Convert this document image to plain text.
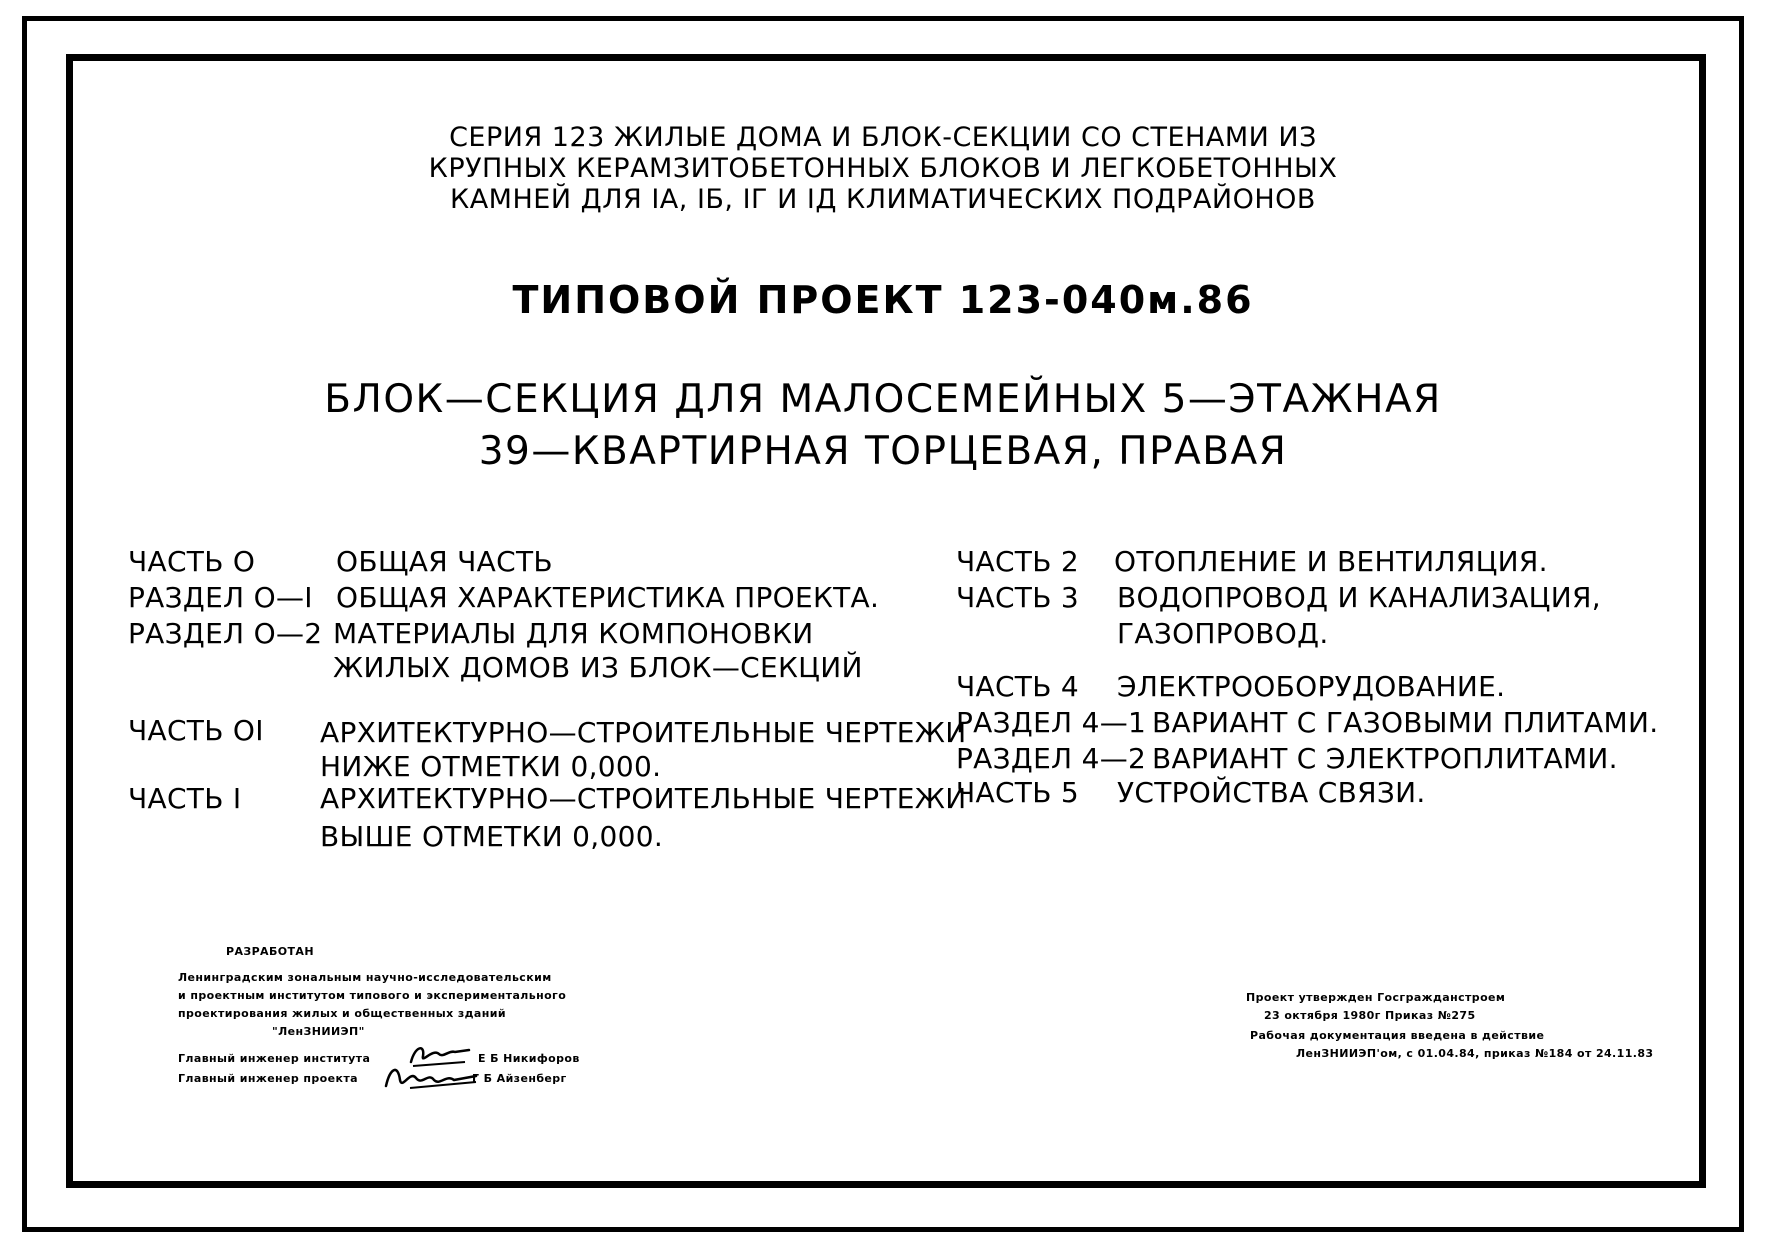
СЕРИЯ 123 ЖИЛЫЕ ДОМА И БЛОК-СЕКЦИИ СО СТЕНАМИ ИЗ
КРУПНЫХ КЕРАМЗИТОБЕТОННЫХ БЛОКОВ И ЛЕГКОБЕТОННЫХ
КАМНЕЙ ДЛЯ IА, IБ, IГ И IД КЛИМАТИЧЕСКИХ ПОДРАЙОНОВ
ТИПОВОЙ ПРОЕКТ 123-040м.86
БЛОК—СЕКЦИЯ ДЛЯ МАЛОСЕМЕЙНЫХ 5—ЭТАЖНАЯ
39—КВАРТИРНАЯ ТОРЦЕВАЯ, ПРАВАЯ
ЧАСТЬ О	ОБЩАЯ ЧАСТЬ
РАЗДЕЛ О—I ОБЩАЯ ХАРАКТЕРИСТИКА ПРОЕКТА.
РАЗДЕЛ О—2 МАТЕРИАЛЫ ДЛЯ КОМПОНОВКИ
ЖИЛЫХ ДОМОВ ИЗ БЛОК—СЕКЦИЙ
ЧАСТЬ OI АРХИТЕКТУРНО—СТРОИТЕЛЬНЫЕ ЧЕРТЕЖИ
НИЖЕ ОТМЕТКИ 0,000.
ЧАСТЬ I	АРХИТЕКТУРНО—СТРОИТЕЛЬНЫЕ ЧЕРТЕЖИ
ВЫШЕ ОТМЕТКИ 0,000.
ЧАСТЬ 2 ОТОПЛЕНИЕ И ВЕНТИЛЯЦИЯ.
ЧАСТЬ 3 ВОДОПРОВОД И КАНАЛИЗАЦИЯ,
ГАЗОПРОВОД.
ЧАСТЬ 4 ЭЛЕКТРООБОРУДОВАНИЕ.
РАЗДЕЛ 4—1 ВАРИАНТ С ГАЗОВЫМИ ПЛИТАМИ.
РАЗДЕЛ 4—2 ВАРИАНТ С ЭЛЕКТРОПЛИТАМИ.
ЧАСТЬ 5 УСТРОЙСТВА СВЯЗИ.
РАЗРАБОТАН
Ленинградским зональным научно-исследовательским
и проектным институтом типового и экспериментального
проектирования жилых и общественных зданий
"ЛенЗНИИЭП"
Главный инженер института	Е Б Никифоров
Главный инженер проекта	Г Б Айзенберг
Проект утвержден Госгражданстроем
23 октября 1980г Приказ №275
Рабочая документация введена в действие
ЛенЗНИИЭП'ом, с 01.04.84, приказ №184 от 24.11.83
